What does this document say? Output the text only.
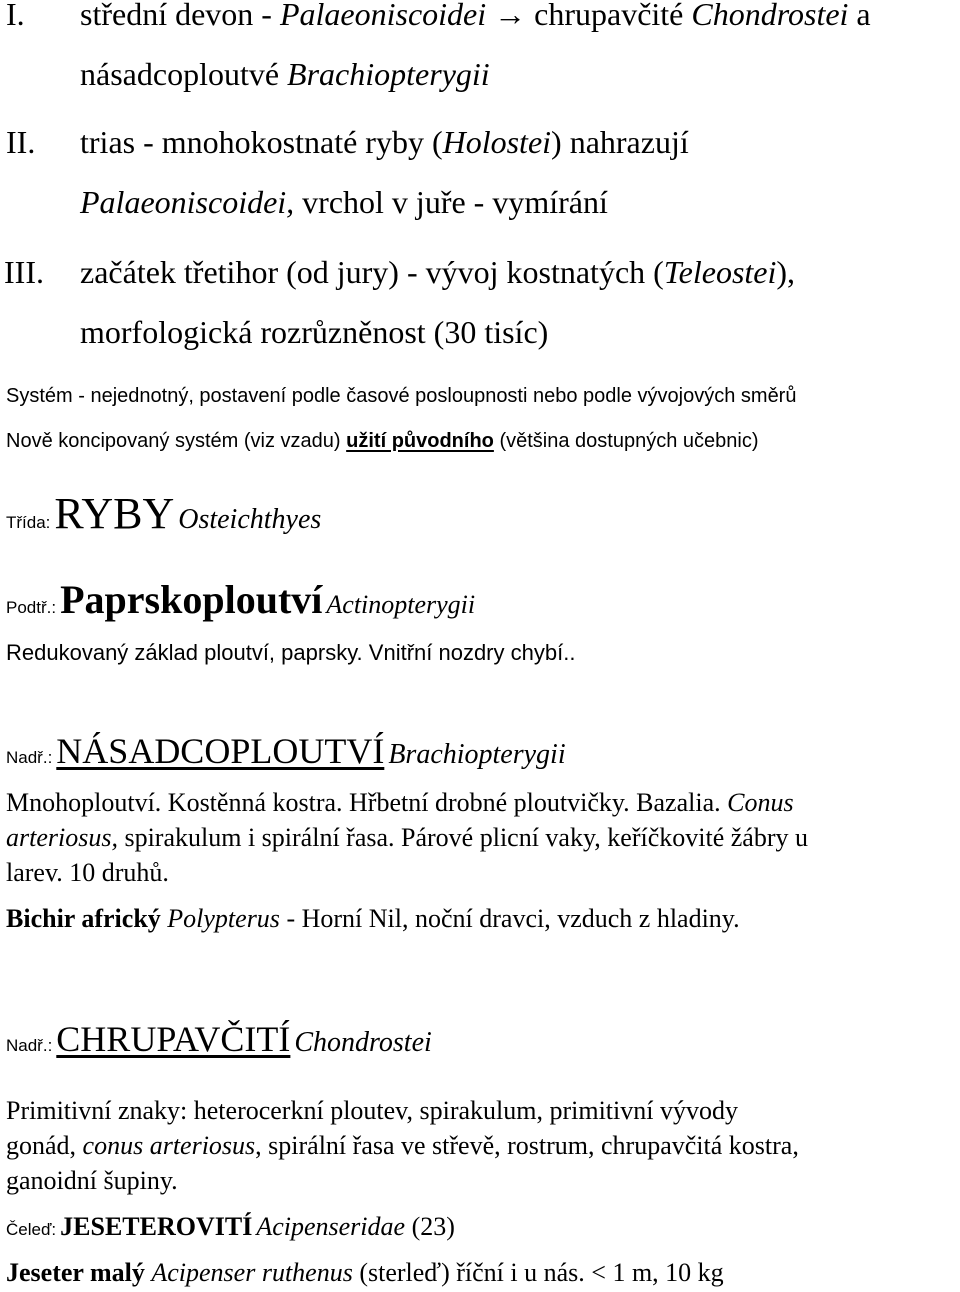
I. střední devon - Palaeoniscoidei → chrupavčité Chondrostei a
násadcoploutvé Brachiopterygii
II. trias - mnohokostnaté ryby (Holostei) nahrazují
Palaeoniscoidei, vrchol v juře - vymírání
III. začátek třetihor (od jury) - vývoj kostnatých (Teleostei),
morfologická rozrůzněnost (30 tisíc)
Systém - nejednotný, postavení podle časové posloupnosti nebo podle vývojových směrů
Nově koncipovaný systém (viz vzadu) užití původního (většina dostupných učebnic)
Třída: RYBY Osteichthyes
Podtř.: Paprskoploutví Actinopterygii
Redukovaný základ ploutví, paprsky. Vnitřní nozdry chybí..
Nadř.: NÁSADCOPLOUTVÍ Brachiopterygii
Mnohoploutví. Kostěnná kostra. Hřbetní drobné ploutvičky. Bazalia. Conus
arteriosus, spirakulum i spirální řasa. Párové plicní vaky, keříčkovité žábry u
larev. 10 druhů.
Bichir africký Polypterus - Horní Nil, noční dravci, vzduch z hladiny.
Nadř.: CHRUPAVČITÍ Chondrostei
Primitivní znaky: heterocerkní ploutev, spirakulum, primitivní vývody
gonád, conus arteriosus, spirální řasa ve střevě, rostrum, chrupavčitá kostra,
ganoidní šupiny.
Čeleď: JESETEROVITÍ Acipenseridae (23)
Jeseter malý Acipenser ruthenus (sterleď) říční i u nás. < 1 m, 10 kg
